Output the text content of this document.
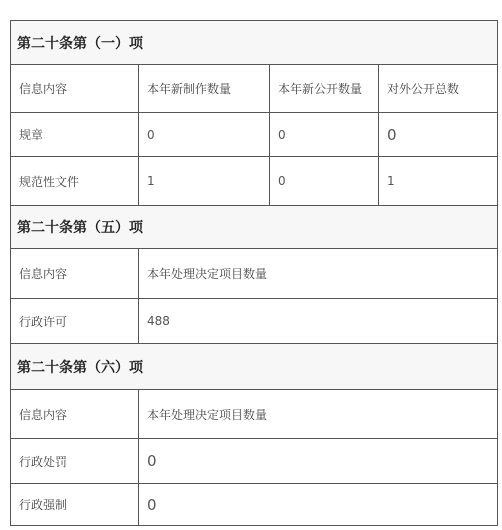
第二十条第（一）项			
信息内容	本年新制作数量	本年新公开数量	对外公开总数
规章	0	0	0
规范性文件	1	0	1
第二十条第（五）项			
信息内容	本年处理决定项目数量		
行政许可	488		
第二十条第（六）项			
信息内容	本年处理决定项目数量		
行政处罚	0		
行政强制	0		
